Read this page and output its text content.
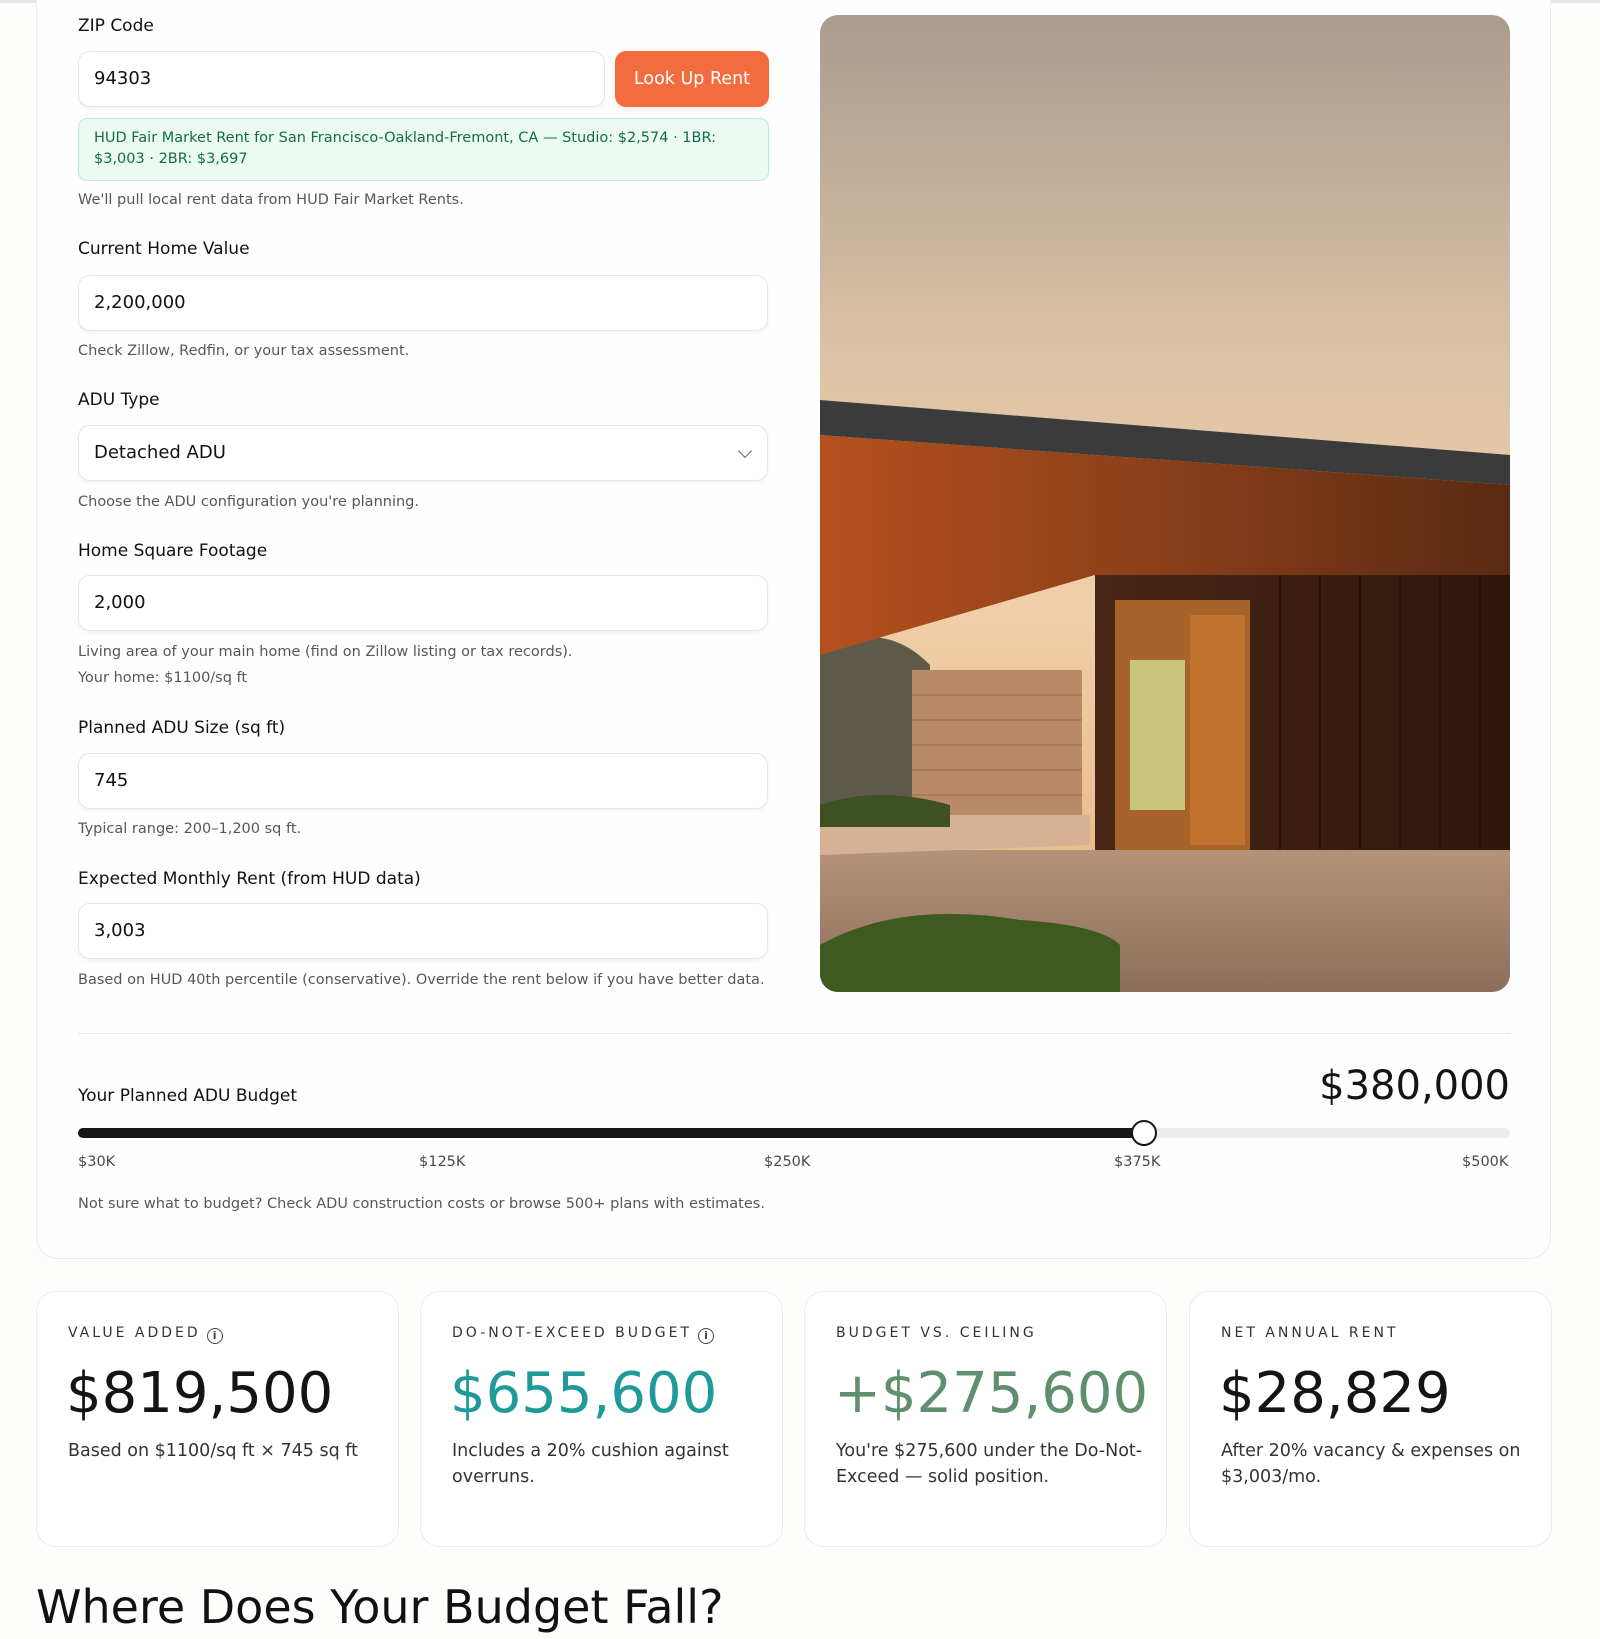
ZIP Code
94303	Look Up Rent
HUD Fair Market Rent for San Francisco-Oakland-Fremont, CA — Studio: $2,574 · 1BR: $3,003 · 2BR: $3,697
We'll pull local rent data from HUD Fair Market Rents.
Current Home Value
2,200,000
Check Zillow, Redfin, or your tax assessment.
ADU Type
Detached ADU
Choose the ADU configuration you're planning.
Home Square Footage
2,000
Living area of your main home (find on Zillow listing or tax records).
Your home: $1100/sq ft
Planned ADU Size (sq ft)
745
Typical range: 200–1,200 sq ft.
Expected Monthly Rent (from HUD data)
3,003
Based on HUD 40th percentile (conservative). Override the rent below if you have better data.
Your Planned ADU Budget	$380,000
$30K	$125K	$250K	$375K	$500K
Not sure what to budget? Check ADU construction costs or browse 500+ plans with estimates.
VALUE ADDED i
$819,500
Based on $1100/sq ft × 745 sq ft
DO-NOT-EXCEED BUDGET i
$655,600
Includes a 20% cushion against overruns.
BUDGET VS. CEILING
+$275,600
You're $275,600 under the Do-Not-Exceed — solid position.
NET ANNUAL RENT
$28,829
After 20% vacancy & expenses on $3,003/mo.
Where Does Your Budget Fall?
